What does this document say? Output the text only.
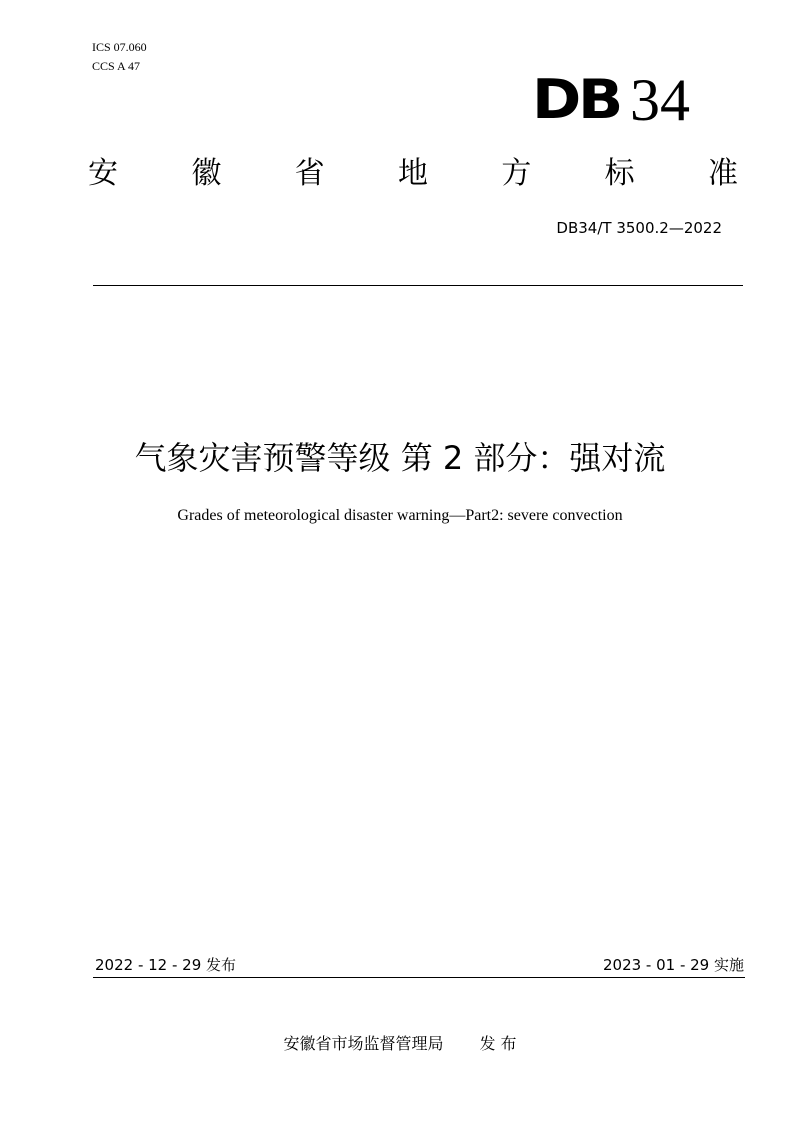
ICS 07.060
CCS A 47
DB 34
安 徽 省 地 方 标 准
DB34/T 3500.2—2022
气象灾害预警等级 第 2 部分：强对流
Grades of meteorological disaster warning—Part2: severe convection
2022 - 12 - 29 发布	2023 - 01 - 29 实施
安徽省市场监督管理局 发 布
